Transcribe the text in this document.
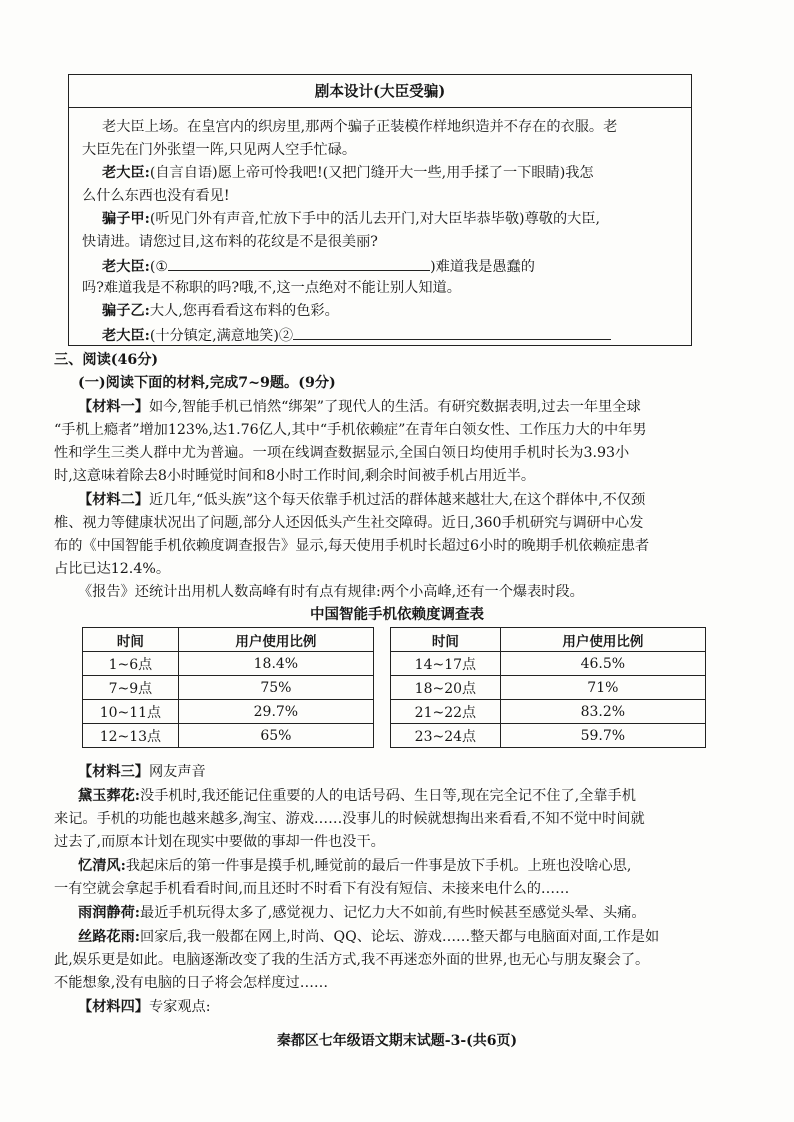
剧本设计(大臣受骗)
老大臣上场。在皇宫内的织房里,那两个骗子正装模作样地织造并不存在的衣服。老
大臣先在门外张望一阵,只见两人空手忙碌。
老大臣:(自言自语)愿上帝可怜我吧!(又把门缝开大一些,用手揉了一下眼睛)我怎
么什么东西也没有看见!
骗子甲:(听见门外有声音,忙放下手中的活儿去开门,对大臣毕恭毕敬)尊敬的大臣,
快请进。请您过目,这布料的花纹是不是很美丽?
老大臣:(①	)难道我是愚蠢的
吗?难道我是不称职的吗?哦,不,这一点绝对不能让别人知道。
骗子乙:大人,您再看看这布料的色彩。
老大臣:(十分镇定,满意地笑)②
三、阅读(46分)
(一)阅读下面的材料,完成7~9题。(9分)
【材料一】如今,智能手机已悄然“绑架”了现代人的生活。有研究数据表明,过去一年里全球
“手机上瘾者”增加123%,达1.76亿人,其中“手机依赖症”在青年白领女性、工作压力大的中年男
性和学生三类人群中尤为普遍。一项在线调查数据显示,全国白领日均使用手机时长为3.93小
时,这意味着除去8小时睡觉时间和8小时工作时间,剩余时间被手机占用近半。
【材料二】近几年,“低头族”这个每天依靠手机过活的群体越来越壮大,在这个群体中,不仅颈
椎、视力等健康状况出了问题,部分人还因低头产生社交障碍。近日,360手机研究与调研中心发
布的《中国智能手机依赖度调查报告》显示,每天使用手机时长超过6小时的晚期手机依赖症患者
占比已达12.4%。
《报告》还统计出用机人数高峰有时有点有规律:两个小高峰,还有一个爆表时段。
中国智能手机依赖度调查表
时间	用户使用比例
1~6点	18.4%
7~9点	75%
10~11点	29.7%
12~13点	65%
时间	用户使用比例
14~17点	46.5%
18~20点	71%
21~22点	83.2%
23~24点	59.7%
【材料三】网友声音
黛玉葬花:没手机时,我还能记住重要的人的电话号码、生日等,现在完全记不住了,全靠手机
来记。手机的功能也越来越多,淘宝、游戏……没事儿的时候就想掏出来看看,不知不觉中时间就
过去了,而原本计划在现实中要做的事却一件也没干。
忆清风:我起床后的第一件事是摸手机,睡觉前的最后一件事是放下手机。上班也没啥心思,
一有空就会拿起手机看看时间,而且还时不时看下有没有短信、未接来电什么的……
雨润静荷:最近手机玩得太多了,感觉视力、记忆力大不如前,有些时候甚至感觉头晕、头痛。
丝路花雨:回家后,我一般都在网上,时尚、QQ、论坛、游戏……整天都与电脑面对面,工作是如
此,娱乐更是如此。电脑逐渐改变了我的生活方式,我不再迷恋外面的世界,也无心与朋友聚会了。
不能想象,没有电脑的日子将会怎样度过……
【材料四】专家观点:
秦都区七年级语文期末试题-3-(共6页)
